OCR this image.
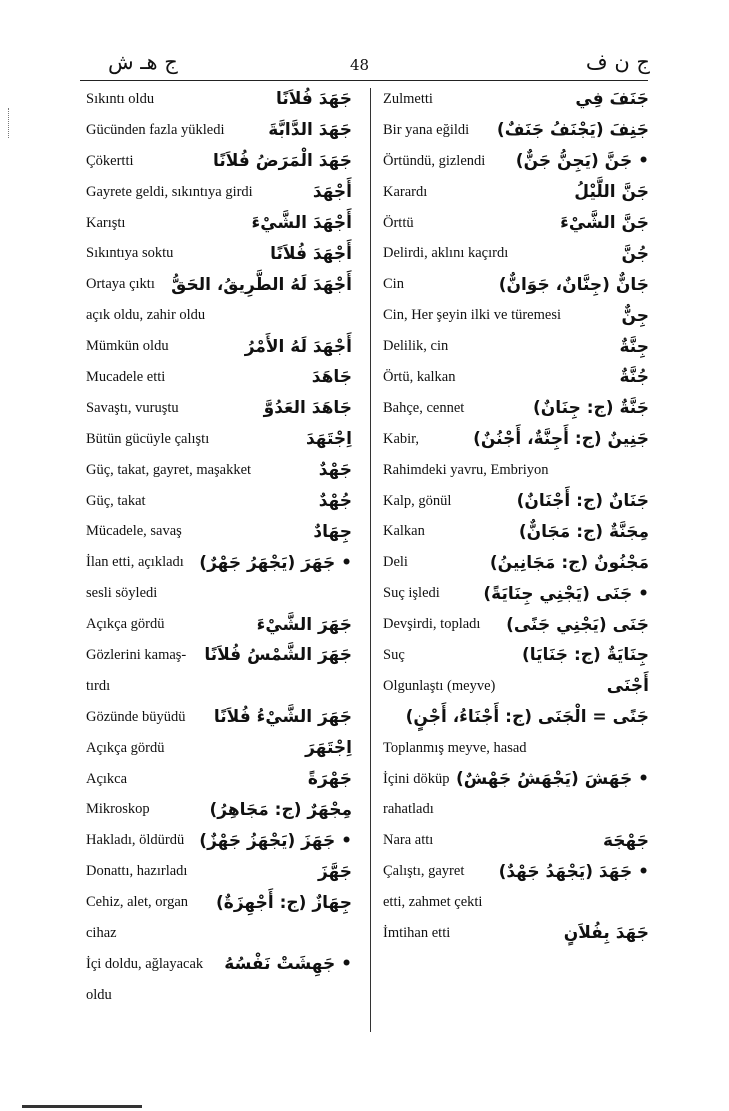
ج هـ ش	48	ج ن ف
Sıkıntı oldu	جَهَدَ فُلاَنًا
Gücünden fazla yükledi	جَهَدَ الدَّابَّةَ
Çökertti	جَهَدَ الْمَرَضُ فُلاَنًا
Gayrete geldi, sıkıntıya girdi	أَجْهَدَ
Karıştı	أَجْهَدَ الشَّيْءَ
Sıkıntıya soktu	أَجْهَدَ فُلاَنًا
Ortaya çıktı أَجْهَدَ لَهُ الطَّرِيقُ، الحَقُّ
açık oldu, zahir oldu
Mümkün oldu	أَجْهَدَ لَهُ الأَمْرُ
Mucadele etti	جَاهَدَ
Savaştı, vuruştu	جَاهَدَ العَدُوَّ
Bütün gücüyle çalıştı	اِجْتَهَدَ
Güç, takat, gayret, maşakket	جَهْدٌ
Güç, takat	جُهْدٌ
Mücadele, savaş	جِهَادٌ
İlan etti, açıkladı • جَهَرَ (يَجْهَرُ جَهْرٌ)
sesli söyledi
Açıkça gördü	جَهَرَ الشَّيْءَ
Gözlerini kamaş- جَهَرَ الشَّمْسُ فُلاَنًا
tırdı
Gözünde büyüdü جَهَرَ الشَّيْءُ فُلاَنًا
Açıkça gördü	اِجْتَهَرَ
Açıkca	جَهْرَةً
Mikroskop	مِجْهَرٌ (ج: مَجَاهِرُ)
Hakladı, öldürdü • جَهَزَ (يَجْهَزُ جَهْزٌ)
Donattı, hazırladı	جَهَّزَ
Cehiz, alet, organ جِهَازٌ (ج: أَجْهِزَةٌ)
cihaz
İçi doldu, ağlayacak • جَهِشَتْ نَفْسُهُ
oldu
Zulmetti	جَنَفَ فِي
Bir yana eğildi جَنِفَ (يَجْنَفُ جَنَفٌ)
Örtündü, gizlendi • جَنَّ (يَجِنُّ جَنٌّ)
Karardı	جَنَّ اللَّيْلُ
Örttü	جَنَّ الشَّيْءَ
Delirdi, aklını kaçırdı	جُنَّ
Cin	جَانٌّ (جِنَّانٌ، جَوَانٌّ)
Cin, Her şeyin ilki ve türemesi	جِنٌّ
Delilik, cin	جِنَّةٌ
Örtü, kalkan	جُنَّةٌ
Bahçe, cennet	جَنَّةٌ (ج: جِنَانٌ)
Kabir,	جَنِينٌ (ج: أَجِنَّةٌ، أَجْنُنٌ)
Rahimdeki yavru, Embriyon
Kalp, gönül	جَنَانٌ (ج: أَجْنَانٌ)
Kalkan	مِجَنَّةٌ (ج: مَجَانٌّ)
Deli	مَجْنُونٌ (ج: مَجَانِينُ)
Suç işledi	• جَنَى (يَجْنِي جِنَايَةً)
Devşirdi, topladı جَنَى (يَجْنِي جَنًى)
Suç	جِنَايَةٌ (ج: جَنَايَا)
Olgunlaştı (meyve)	أَجْنَى
جَنًى = الْجَنَى (ج: أَجْنَاءُ، أَجْنٍ)
Toplanmış meyve, hasad
İçini döküp • جَهَشَ (يَجْهَشُ جَهْشٌ)
rahatladı
Nara attı	جَهْجَهَ
Çalıştı, gayret • جَهَدَ (يَجْهَدُ جَهْدٌ)
etti, zahmet çekti
İmtihan etti	جَهَدَ بِفُلاَنٍ
